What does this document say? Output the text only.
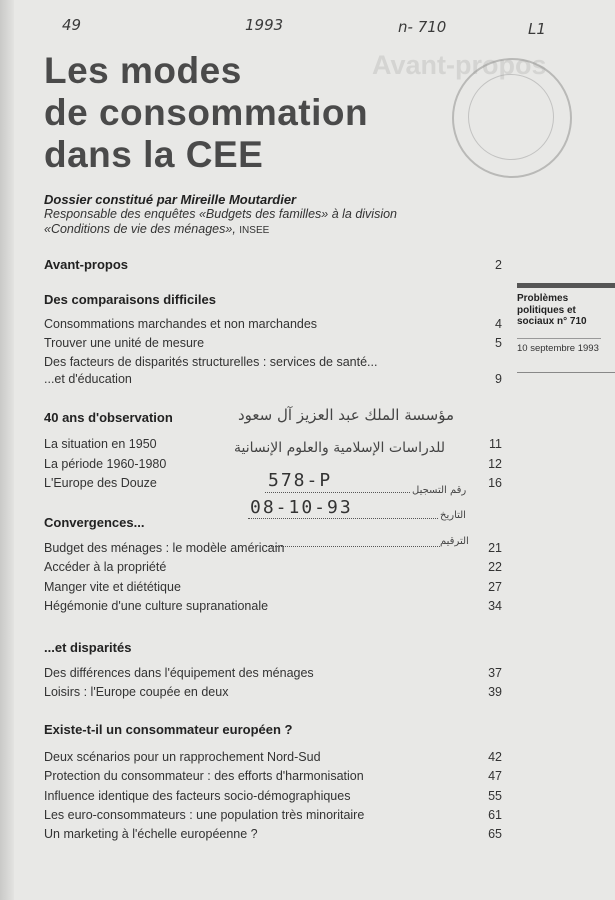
49	1993	n- 710	L1
Avant-propos
Les modes
de consommation
dans la CEE
Dossier constitué par Mireille Moutardier
Responsable des enquêtes «Budgets des familles» à la division
«Conditions de vie des ménages», INSEE
Avant-propos	2
Problèmes politiques et sociaux n° 710
10 septembre 1993
Des comparaisons difficiles
Consommations marchandes et non marchandes	4
Trouver une unité de mesure	5
Des facteurs de disparités structurelles : services de santé...
...et d'éducation	9
40 ans d'observation
La situation en 1950	11
La période 1960-1980	12
L'Europe des Douze	16
مؤسسة الملك عبد العزيز آل سعود
للدراسات الإسلامية والعلوم الإنسانية
578-P	رقم التسجيل
08-10-93	التاريخ
الترقيم
Convergences...
Budget des ménages : le modèle américain	21
Accéder à la propriété	22
Manger vite et diététique	27
Hégémonie d'une culture supranationale	34
...et disparités
Des différences dans l'équipement des ménages	37
Loisirs : l'Europe coupée en deux	39
Existe-t-il un consommateur européen ?
Deux scénarios pour un rapprochement Nord-Sud	42
Protection du consommateur : des efforts d'harmonisation	47
Influence identique des facteurs socio-démographiques	55
Les euro-consommateurs : une population très minoritaire	61
Un marketing à l'échelle européenne ?	65
